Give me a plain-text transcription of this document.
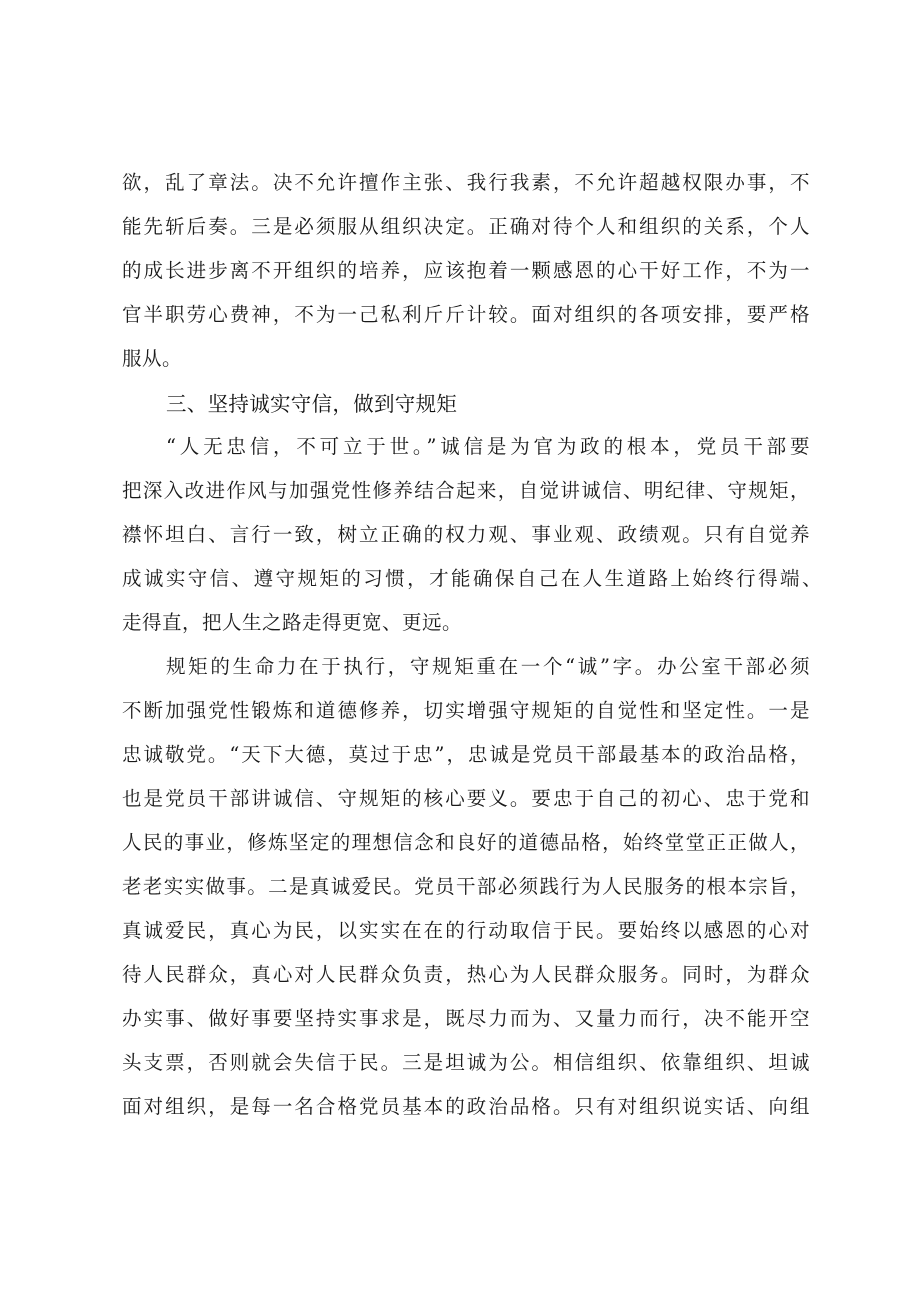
欲，乱了章法。决不允许擅作主张、我行我素，不允许超越权限办事，不
能先斩后奏。三是必须服从组织决定。正确对待个人和组织的关系，个人
的成长进步离不开组织的培养，应该抱着一颗感恩的心干好工作，不为一
官半职劳心费神，不为一己私利斤斤计较。面对组织的各项安排，要严格
服从。
三、坚持诚实守信，做到守规矩
“人无忠信，不可立于世。”诚信是为官为政的根本，党员干部要
把深入改进作风与加强党性修养结合起来，自觉讲诚信、明纪律、守规矩，
襟怀坦白、言行一致，树立正确的权力观、事业观、政绩观。只有自觉养
成诚实守信、遵守规矩的习惯，才能确保自己在人生道路上始终行得端、
走得直，把人生之路走得更宽、更远。
规矩的生命力在于执行，守规矩重在一个“诚”字。办公室干部必须
不断加强党性锻炼和道德修养，切实增强守规矩的自觉性和坚定性。一是
忠诚敬党。“天下大德，莫过于忠”，忠诚是党员干部最基本的政治品格，
也是党员干部讲诚信、守规矩的核心要义。要忠于自己的初心、忠于党和
人民的事业，修炼坚定的理想信念和良好的道德品格，始终堂堂正正做人，
老老实实做事。二是真诚爱民。党员干部必须践行为人民服务的根本宗旨，
真诚爱民，真心为民，以实实在在的行动取信于民。要始终以感恩的心对
待人民群众，真心对人民群众负责，热心为人民群众服务。同时，为群众
办实事、做好事要坚持实事求是，既尽力而为、又量力而行，决不能开空
头支票，否则就会失信于民。三是坦诚为公。相信组织、依靠组织、坦诚
面对组织，是每一名合格党员基本的政治品格。只有对组织说实话、向组
